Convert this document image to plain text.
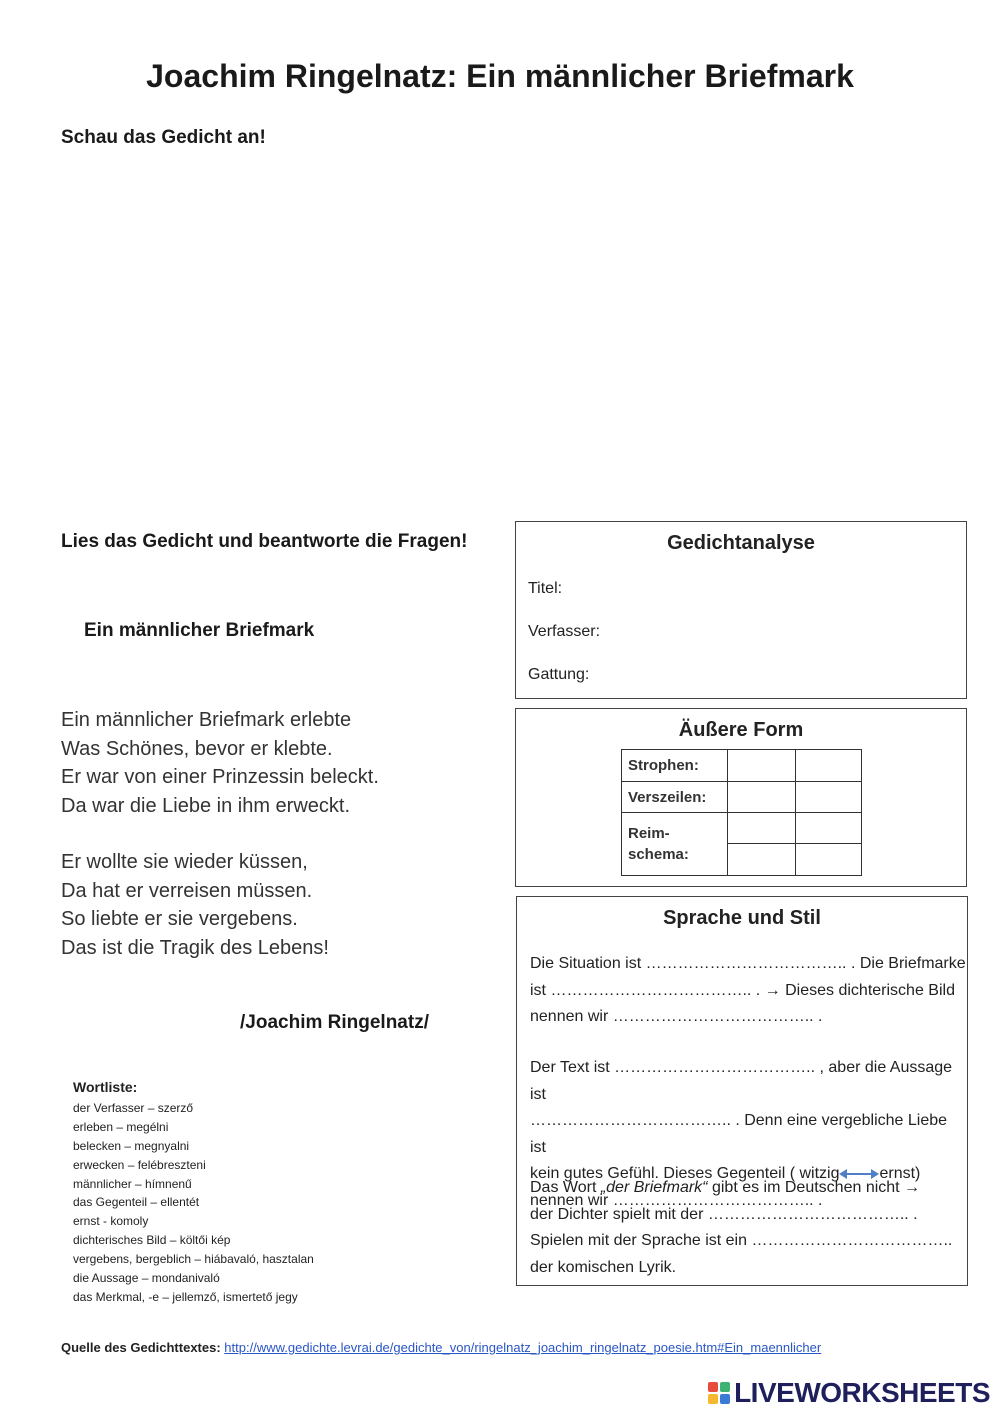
Joachim Ringelnatz: Ein männlicher Briefmark
Schau das Gedicht an!
Lies das Gedicht und beantworte die Fragen!
Ein männlicher Briefmark
Ein männlicher Briefmark erlebte
Was Schönes, bevor er klebte.
Er war von einer Prinzessin beleckt.
Da war die Liebe in ihm erweckt.
Er wollte sie wieder küssen,
Da hat er verreisen müssen.
So liebte er sie vergebens.
Das ist die Tragik des Lebens!
/Joachim Ringelnatz/
Wortliste:
der Verfasser – szerző
erleben – megélni
belecken – megnyalni
erwecken – felébreszteni
männlicher – hímnenű
das Gegenteil – ellentét
ernst - komoly
dichterisches Bild – költői kép
vergebens, bergeblich – hiábavaló, hasztalan
die Aussage – mondanivaló
das Merkmal, -e – jellemző, ismertető jegy
Gedichtanalyse
Titel:
Verfasser:
Gattung:
Äußere Form
Strophen:		
Verszeilen:		

Reim-
schema:		

Sprache und Stil

Die Situation ist ……………………………….. . Die Briefmarke

ist ……………………………….. . → Dieses dichterische Bild

nennen wir ……………………………….. .

Der Text ist ……………………………….. , aber die Aussage ist

……………………………….. . Denn eine vergebliche Liebe ist

kein gutes Gefühl. Dieses Gegenteil ( witzig	ernst)

nennen wir ……………………………….. .

Das Wort „der Briefmark“ gibt es im Deutschen nicht →

der Dichter spielt mit der ……………………………….. .

Spielen mit der Sprache ist ein ………………………………..

der komischen Lyrik.

Quelle des Gedichttextes: http://www.gedichte.levrai.de/gedichte_von/ringelnatz_joachim_ringelnatz_poesie.htm#Ein_maennlicher
LIVEWORKSHEETS
